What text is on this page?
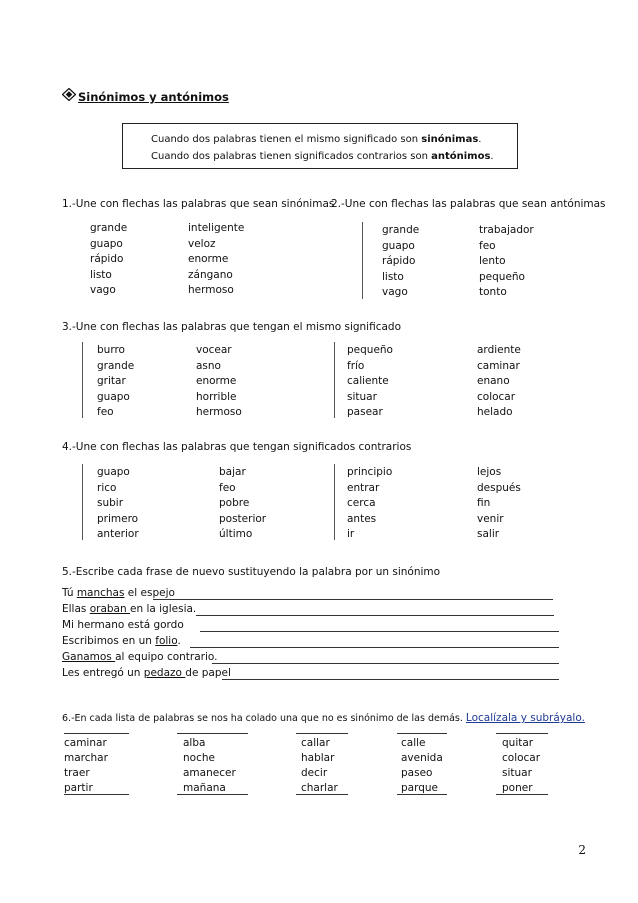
Sinónimos y antónimos
Cuando dos palabras tienen el mismo significado son sinónimas.
Cuando dos palabras tienen significados contrarios son antónimos.
1.-Une con flechas las palabras que sean sinónimas
2.-Une con flechas las palabras que sean antónimas
grande
guapo
rápido
listo
vago
inteligente
veloz
enorme
zángano
hermoso
grande
guapo
rápido
listo
vago
trabajador
feo
lento
pequeño
tonto
3.-Une con flechas las palabras que tengan el mismo significado
burro
grande
gritar
guapo
feo
vocear
asno
enorme
horrible
hermoso
pequeño
frío
caliente
situar
pasear
ardiente
caminar
enano
colocar
helado
4.-Une con flechas las palabras que tengan significados contrarios
guapo
rico
subir
primero
anterior
bajar
feo
pobre
posterior
último
principio
entrar
cerca
antes
ir
lejos
después
fin
venir
salir
5.-Escribe cada frase de nuevo sustituyendo la palabra por un sinónimo
Tú manchas el espejo
Ellas oraban en la iglesia.
Mi hermano está gordo
Escribimos en un folio.
Ganamos al equipo contrario.
Les entregó un pedazo de papel
6.-En cada lista de palabras se nos ha colado una que no es sinónimo de las demás. Localízala y subráyalo.
caminar
marchar
traer
partir
alba
noche
amanecer
mañana
callar
hablar
decir
charlar
calle
avenida
paseo
parque
quitar
colocar
situar
poner
2
